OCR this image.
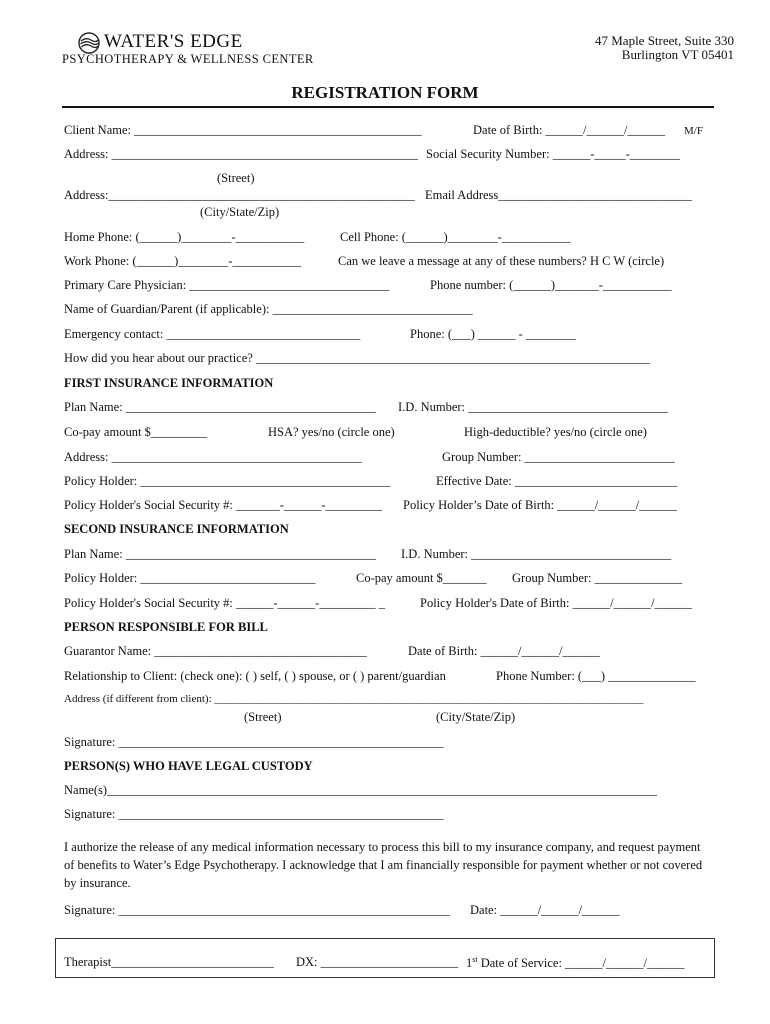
WATER'S EDGE
PSYCHOTHERAPY & WELLNESS CENTER
47 Maple Street, Suite 330
Burlington VT 05401
REGISTRATION FORM
Client Name: ______________________________________________	Date of Birth: ______/______/______ M/F
Address: _________________________________________________ Social Security Number: ______-_____-________
(Street)
Address:_________________________________________________ Email Address_______________________________
(City/State/Zip)
Home Phone: (______)________-___________	Cell Phone: (______)________-___________
Work Phone: (______)________-___________	Can we leave a message at any of these numbers? H C W (circle)
Primary Care Physician: ________________________________	Phone number: (______)_______-___________
Name of Guardian/Parent (if applicable): ________________________________
Emergency contact: _______________________________	Phone: (___) ______ - ________
How did you hear about our practice? _______________________________________________________________
FIRST INSURANCE INFORMATION
Plan Name: ________________________________________ I.D. Number: ________________________________
Co-pay amount $_________	HSA? yes/no (circle one)	High-deductible? yes/no (circle one)
Address: ________________________________________	Group Number: ________________________
Policy Holder: ________________________________________	Effective Date: __________________________
Policy Holder's Social Security #: _______-______-_________ Policy Holder’s Date of Birth: ______/______/______
SECOND INSURANCE INFORMATION
Plan Name: ________________________________________ I.D. Number: ________________________________
Policy Holder: ____________________________	Co-pay amount $_______ Group Number: ______________
Policy Holder's Social Security #: ______-______-_________ _	Policy Holder's Date of Birth: ______/______/______
PERSON RESPONSIBLE FOR BILL
Guarantor Name: __________________________________	Date of Birth: ______/______/______
Relationship to Client: (check one): ( ) self, ( ) spouse, or ( ) parent/guardian	Phone Number: (___) ______________
Address (if different from client): ______________________________________________________________________________
(Street)	(City/State/Zip)
Signature: ____________________________________________________
PERSON(S) WHO HAVE LEGAL CUSTODY
Name(s)________________________________________________________________________________________
Signature: ____________________________________________________
I authorize the release of any medical information necessary to process this bill to my insurance company, and request payment of benefits to Water’s Edge Psychotherapy. I acknowledge that I am financially responsible for payment whether or not covered by insurance.
Signature: _____________________________________________________ Date: ______/______/______
Therapist__________________________ DX: ______________________ 1st Date of Service: ______/______/______
